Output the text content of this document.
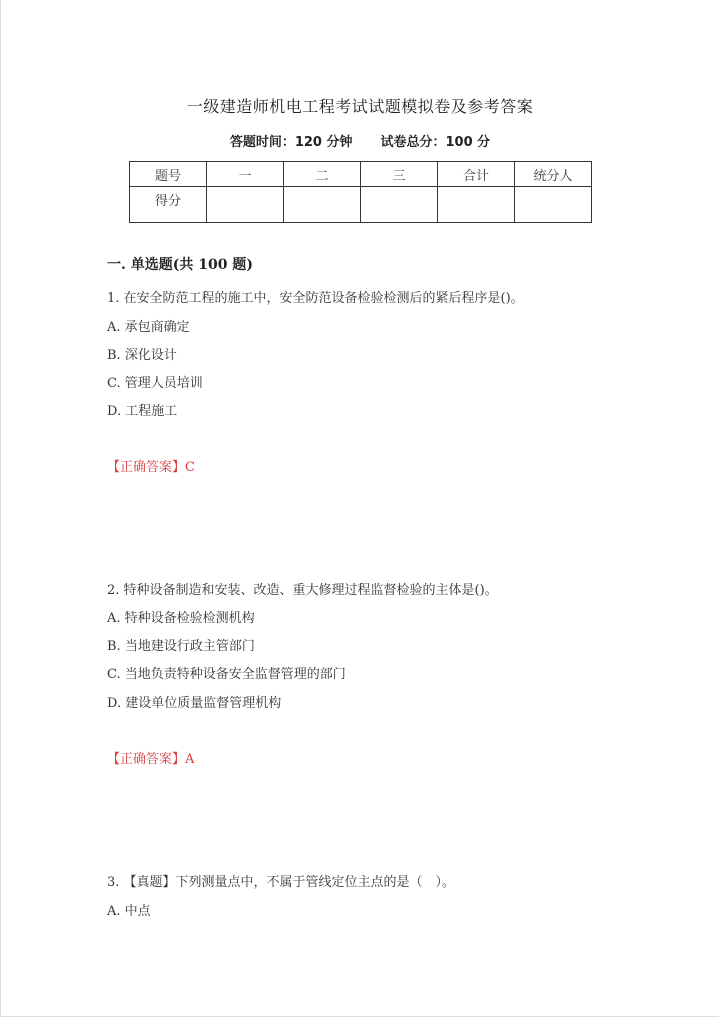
一级建造师机电工程考试试题模拟卷及参考答案
答题时间：120 分钟 试卷总分：100 分
题号	一	二	三	合计	统分人
得分					
一. 单选题(共 100 题)
1. 在安全防范工程的施工中，安全防范设备检验检测后的紧后程序是()。
A. 承包商确定
B. 深化设计
C. 管理人员培训
D. 工程施工
【正确答案】C
2. 特种设备制造和安装、改造、重大修理过程监督检验的主体是()。
A. 特种设备检验检测机构
B. 当地建设行政主管部门
C. 当地负责特种设备安全监督管理的部门
D. 建设单位质量监督管理机构
【正确答案】A
3. 【真题】下列测量点中，不属于管线定位主点的是（　）。
A. 中点
